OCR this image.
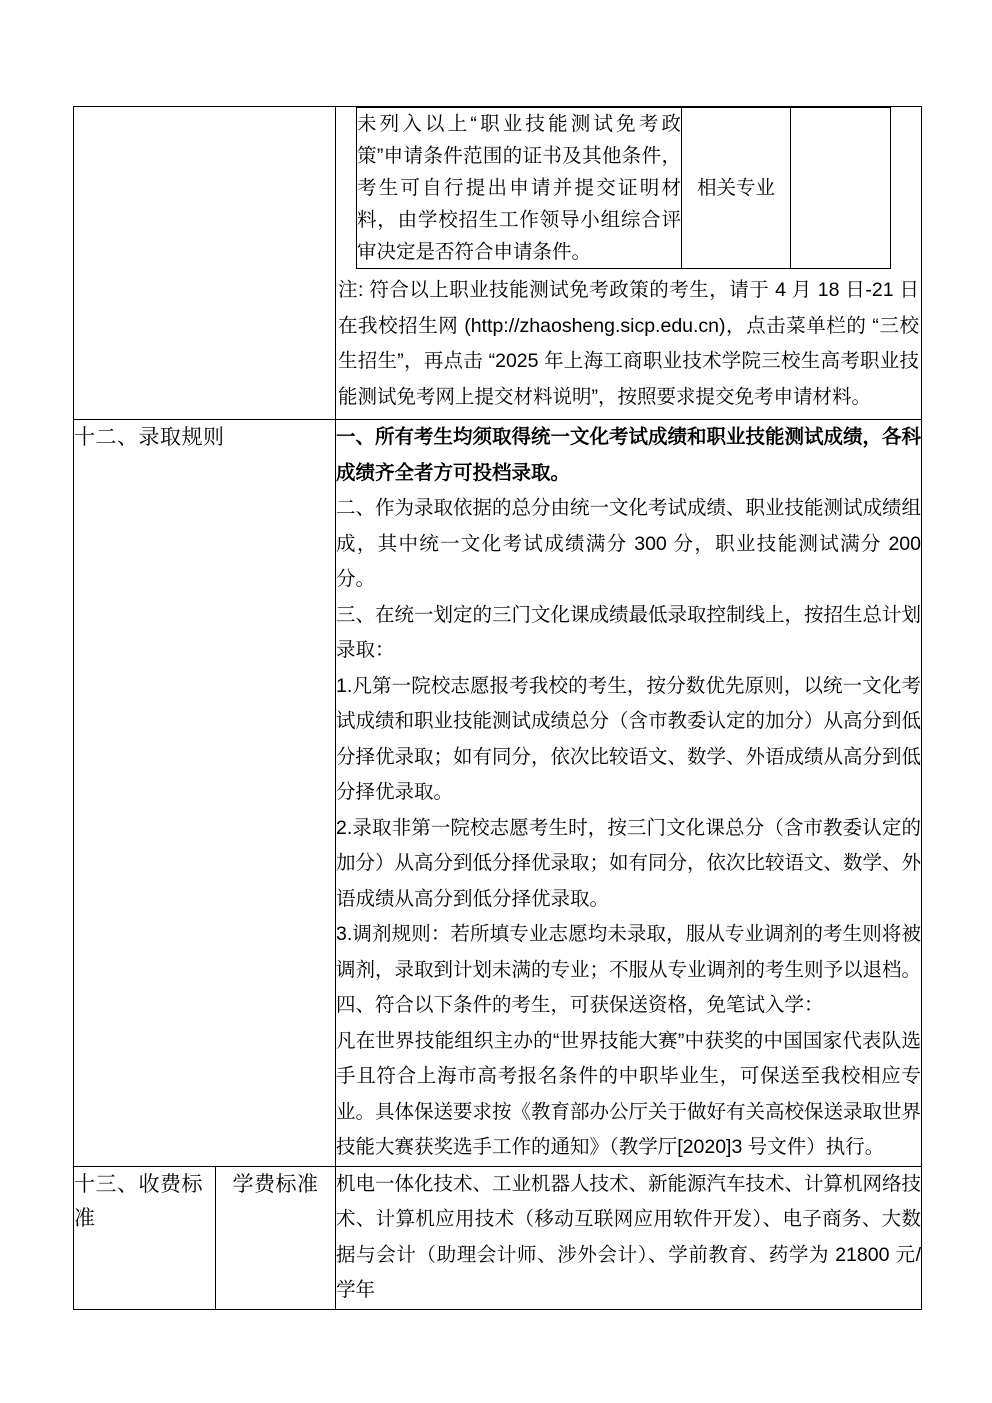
未列入以上“职业技能测试免考政策”申请条件范围的证书及其他条件，考生可自行提出申请并提交证明材料，由学校招生工作领导小组综合评审决定是否符合申请条件。	相关专业	

注: 符合以上职业技能测试免考政策的考生，请于 4 月 18 日-21 日在我校招生网 (http://zhaosheng.sicp.edu.cn)，点击菜单栏的 “三校生招生”，再点击 “2025 年上海工商职业技术学院三校生高考职业技能测试免考网上提交材料说明”，按照要求提交免考申请材料。

十二、录取规则	一、所有考生均须取得统一文化考试成绩和职业技能测试成绩，各科成绩齐全者方可投档录取。

二、作为录取依据的总分由统一文化考试成绩、职业技能测试成绩组成，其中统一文化考试成绩满分 300 分，职业技能测试满分 200 分。

三、在统一划定的三门文化课成绩最低录取控制线上，按招生总计划录取：

1.凡第一院校志愿报考我校的考生，按分数优先原则，以统一文化考试成绩和职业技能测试成绩总分（含市教委认定的加分）从高分到低分择优录取；如有同分，依次比较语文、数学、外语成绩从高分到低分择优录取。

2.录取非第一院校志愿考生时，按三门文化课总分（含市教委认定的加分）从高分到低分择优录取；如有同分，依次比较语文、数学、外语成绩从高分到低分择优录取。

3.调剂规则：若所填专业志愿均未录取，服从专业调剂的考生则将被调剂，录取到计划未满的专业；不服从专业调剂的考生则予以退档。

四、符合以下条件的考生，可获保送资格，免笔试入学：

凡在世界技能组织主办的“世界技能大赛”中获奖的中国国家代表队选手且符合上海市高考报名条件的中职毕业生，可保送至我校相应专业。具体保送要求按《教育部办公厅关于做好有关高校保送录取世界技能大赛获奖选手工作的通知》（教学厅[2020]3 号文件）执行。

十三、收费标准	学费标准	机电一体化技术、工业机器人技术、新能源汽车技术、计算机网络技术、计算机应用技术（移动互联网应用软件开发）、电子商务、大数据与会计（助理会计师、涉外会计）、学前教育、药学为 21800 元/学年
